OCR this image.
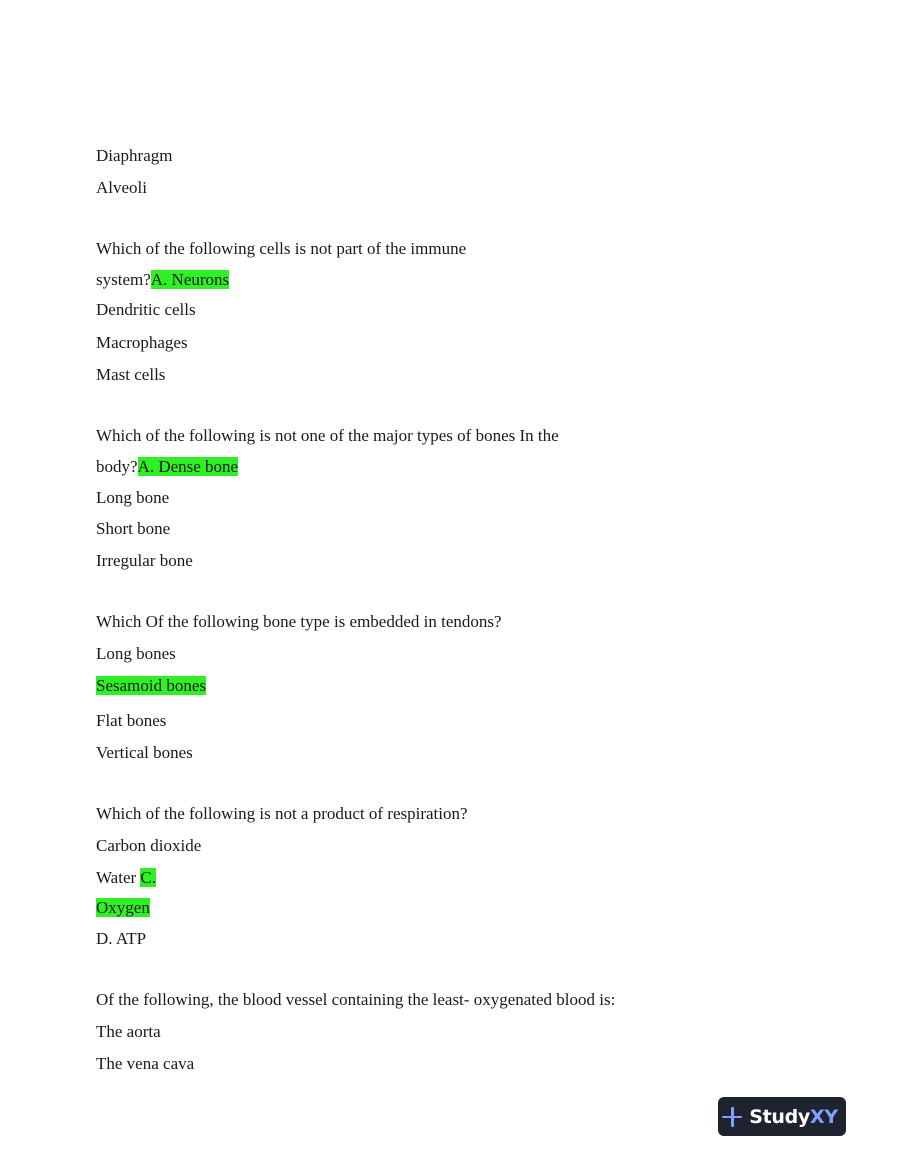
Diaphragm
Alveoli
Which of the following cells is not part of the immune
system?A. Neurons
Dendritic cells
Macrophages
Mast cells
Which of the following is not one of the major types of bones In the
body?A. Dense bone
Long bone
Short bone
Irregular bone
Which Of the following bone type is embedded in tendons?
Long bones
Sesamoid bones
Flat bones
Vertical bones
Which of the following is not a product of respiration?
Carbon dioxide
Water C.
Oxygen
D. ATP
Of the following, the blood vessel containing the least- oxygenated blood is:
The aorta
The vena cava
StudyXY
